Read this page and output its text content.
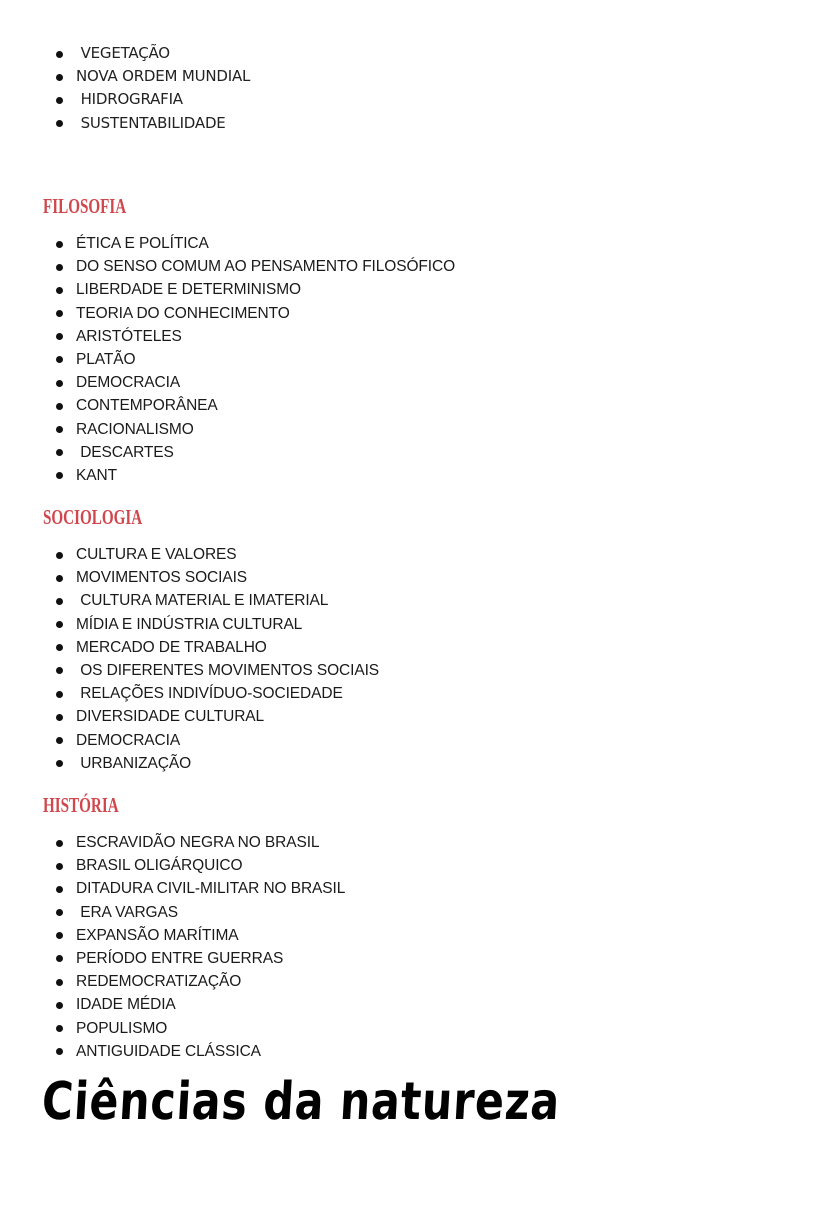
VEGETAÇÃO
NOVA ORDEM MUNDIAL
HIDROGRAFIA
SUSTENTABILIDADE
FILOSOFIA
ÉTICA E POLÍTICA
DO SENSO COMUM AO PENSAMENTO FILOSÓFICO
LIBERDADE E DETERMINISMO
TEORIA DO CONHECIMENTO
ARISTÓTELES
PLATÃO
DEMOCRACIA
CONTEMPORÂNEA
RACIONALISMO
DESCARTES
KANT
SOCIOLOGIA
CULTURA E VALORES
MOVIMENTOS SOCIAIS
CULTURA MATERIAL E IMATERIAL
MÍDIA E INDÚSTRIA CULTURAL
MERCADO DE TRABALHO
OS DIFERENTES MOVIMENTOS SOCIAIS
RELAÇÕES INDIVÍDUO-SOCIEDADE
DIVERSIDADE CULTURAL
DEMOCRACIA
URBANIZAÇÃO
HISTÓRIA
ESCRAVIDÃO NEGRA NO BRASIL
BRASIL OLIGÁRQUICO
DITADURA CIVIL-MILITAR NO BRASIL
ERA VARGAS
EXPANSÃO MARÍTIMA
PERÍODO ENTRE GUERRAS
REDEMOCRATIZAÇÃO
IDADE MÉDIA
POPULISMO
ANTIGUIDADE CLÁSSICA
Ciências da natureza
